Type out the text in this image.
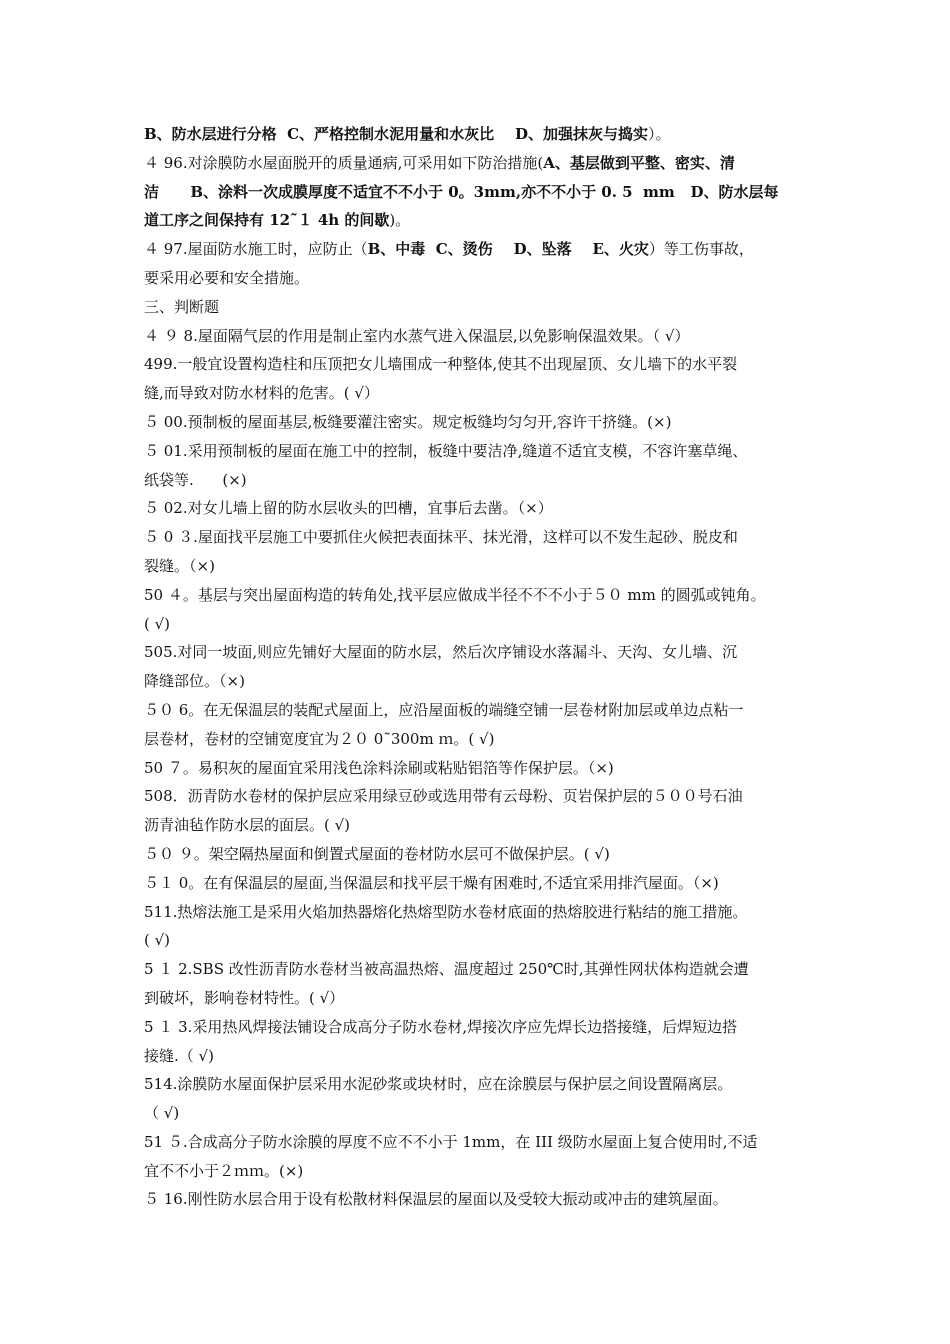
B、防水层进行分格  C、严格控制水泥用量和水灰比    D、加强抹灰与捣实）。

４ 96.对涂膜防水屋面脱开的质量通病,可采用如下防治措施(A、基层做到平整、密实、清
洁      B、涂料一次成膜厚度不适宜不不小于 0。3mm,亦不不小于 0. 5  mm   D、防水层每
道工序之间保持有 12˜１ 4h 的间歇)。

４ 97.屋面防水施工时，应防止（B、中毒  C、烫伤    D、坠落    E、火灾）等工伤事故，
要采用必要和安全措施。

三、判断题

４ ９ 8.屋面隔气层的作用是制止室内水蒸气进入保温层,以免影响保温效果。（ √）

499.一般宜设置构造柱和压顶把女儿墙围成一种整体,使其不出现屋顶、女儿墙下的水平裂
缝,而导致对防水材料的危害。( √）

５ 00.预制板的屋面基层,板缝要灌注密实。规定板缝均匀匀开,容许干挤缝。(×)

５ 01.采用预制板的屋面在施工中的控制，板缝中要洁净,缝道不适宜支模，不容许塞草绳、
纸袋等.      (×)

５ 02.对女儿墙上留的防水层收头的凹槽，宜事后去凿。（×）

５ 0 ３.屋面找平层施工中要抓住火候把表面抹平、抹光滑，这样可以不发生起砂、脱皮和
裂缝。（×)

50 ４。基层与突出屋面构造的转角处,找平层应做成半径不不不小于５０ mm 的圆弧或钝角。
( √)

505.对同一坡面,则应先铺好大屋面的防水层，然后次序铺设水落漏斗、天沟、女儿墙、沉
降缝部位。（×)

５０ 6。在无保温层的装配式屋面上，应沿屋面板的端缝空铺一层卷材附加层或单边点粘一
层卷材，卷材的空铺宽度宜为２０ 0˜300m ｍ。( √)

50 ７。易积灰的屋面宜采用浅色涂料涂刷或粘贴铝箔等作保护层。（×)

508．沥青防水卷材的保护层应采用绿豆砂或选用带有云母粉、页岩保护层的５００号石油
沥青油毡作防水层的面层。( √)

５０ ９。架空隔热屋面和倒置式屋面的卷材防水层可不做保护层。( √)

５１ 0。在有保温层的屋面,当保温层和找平层干燥有困难时,不适宜采用排汽屋面。（×)

511.热熔法施工是采用火焰加热器熔化热熔型防水卷材底面的热熔胶进行粘结的施工措施。
( √)

5 １ 2.SBS 改性沥青防水卷材当被高温热熔、温度超过 250℃时,其弹性网状体构造就会遭
到破坏，影响卷材特性。( √）

5 １ 3.采用热风焊接法铺设合成高分子防水卷材,焊接次序应先焊长边搭接缝，后焊短边搭
接缝.（ √)

514.涂膜防水屋面保护层采用水泥砂浆或块材时，应在涂膜层与保护层之间设置隔离层。
（ √)

51 ５.合成高分子防水涂膜的厚度不应不不小于 1mm，在 III 级防水屋面上复合使用时,不适
宜不不小于２ｍｍ。(×)

５ 16.刚性防水层合用于设有松散材料保温层的屋面以及受较大振动或冲击的建筑屋面。
